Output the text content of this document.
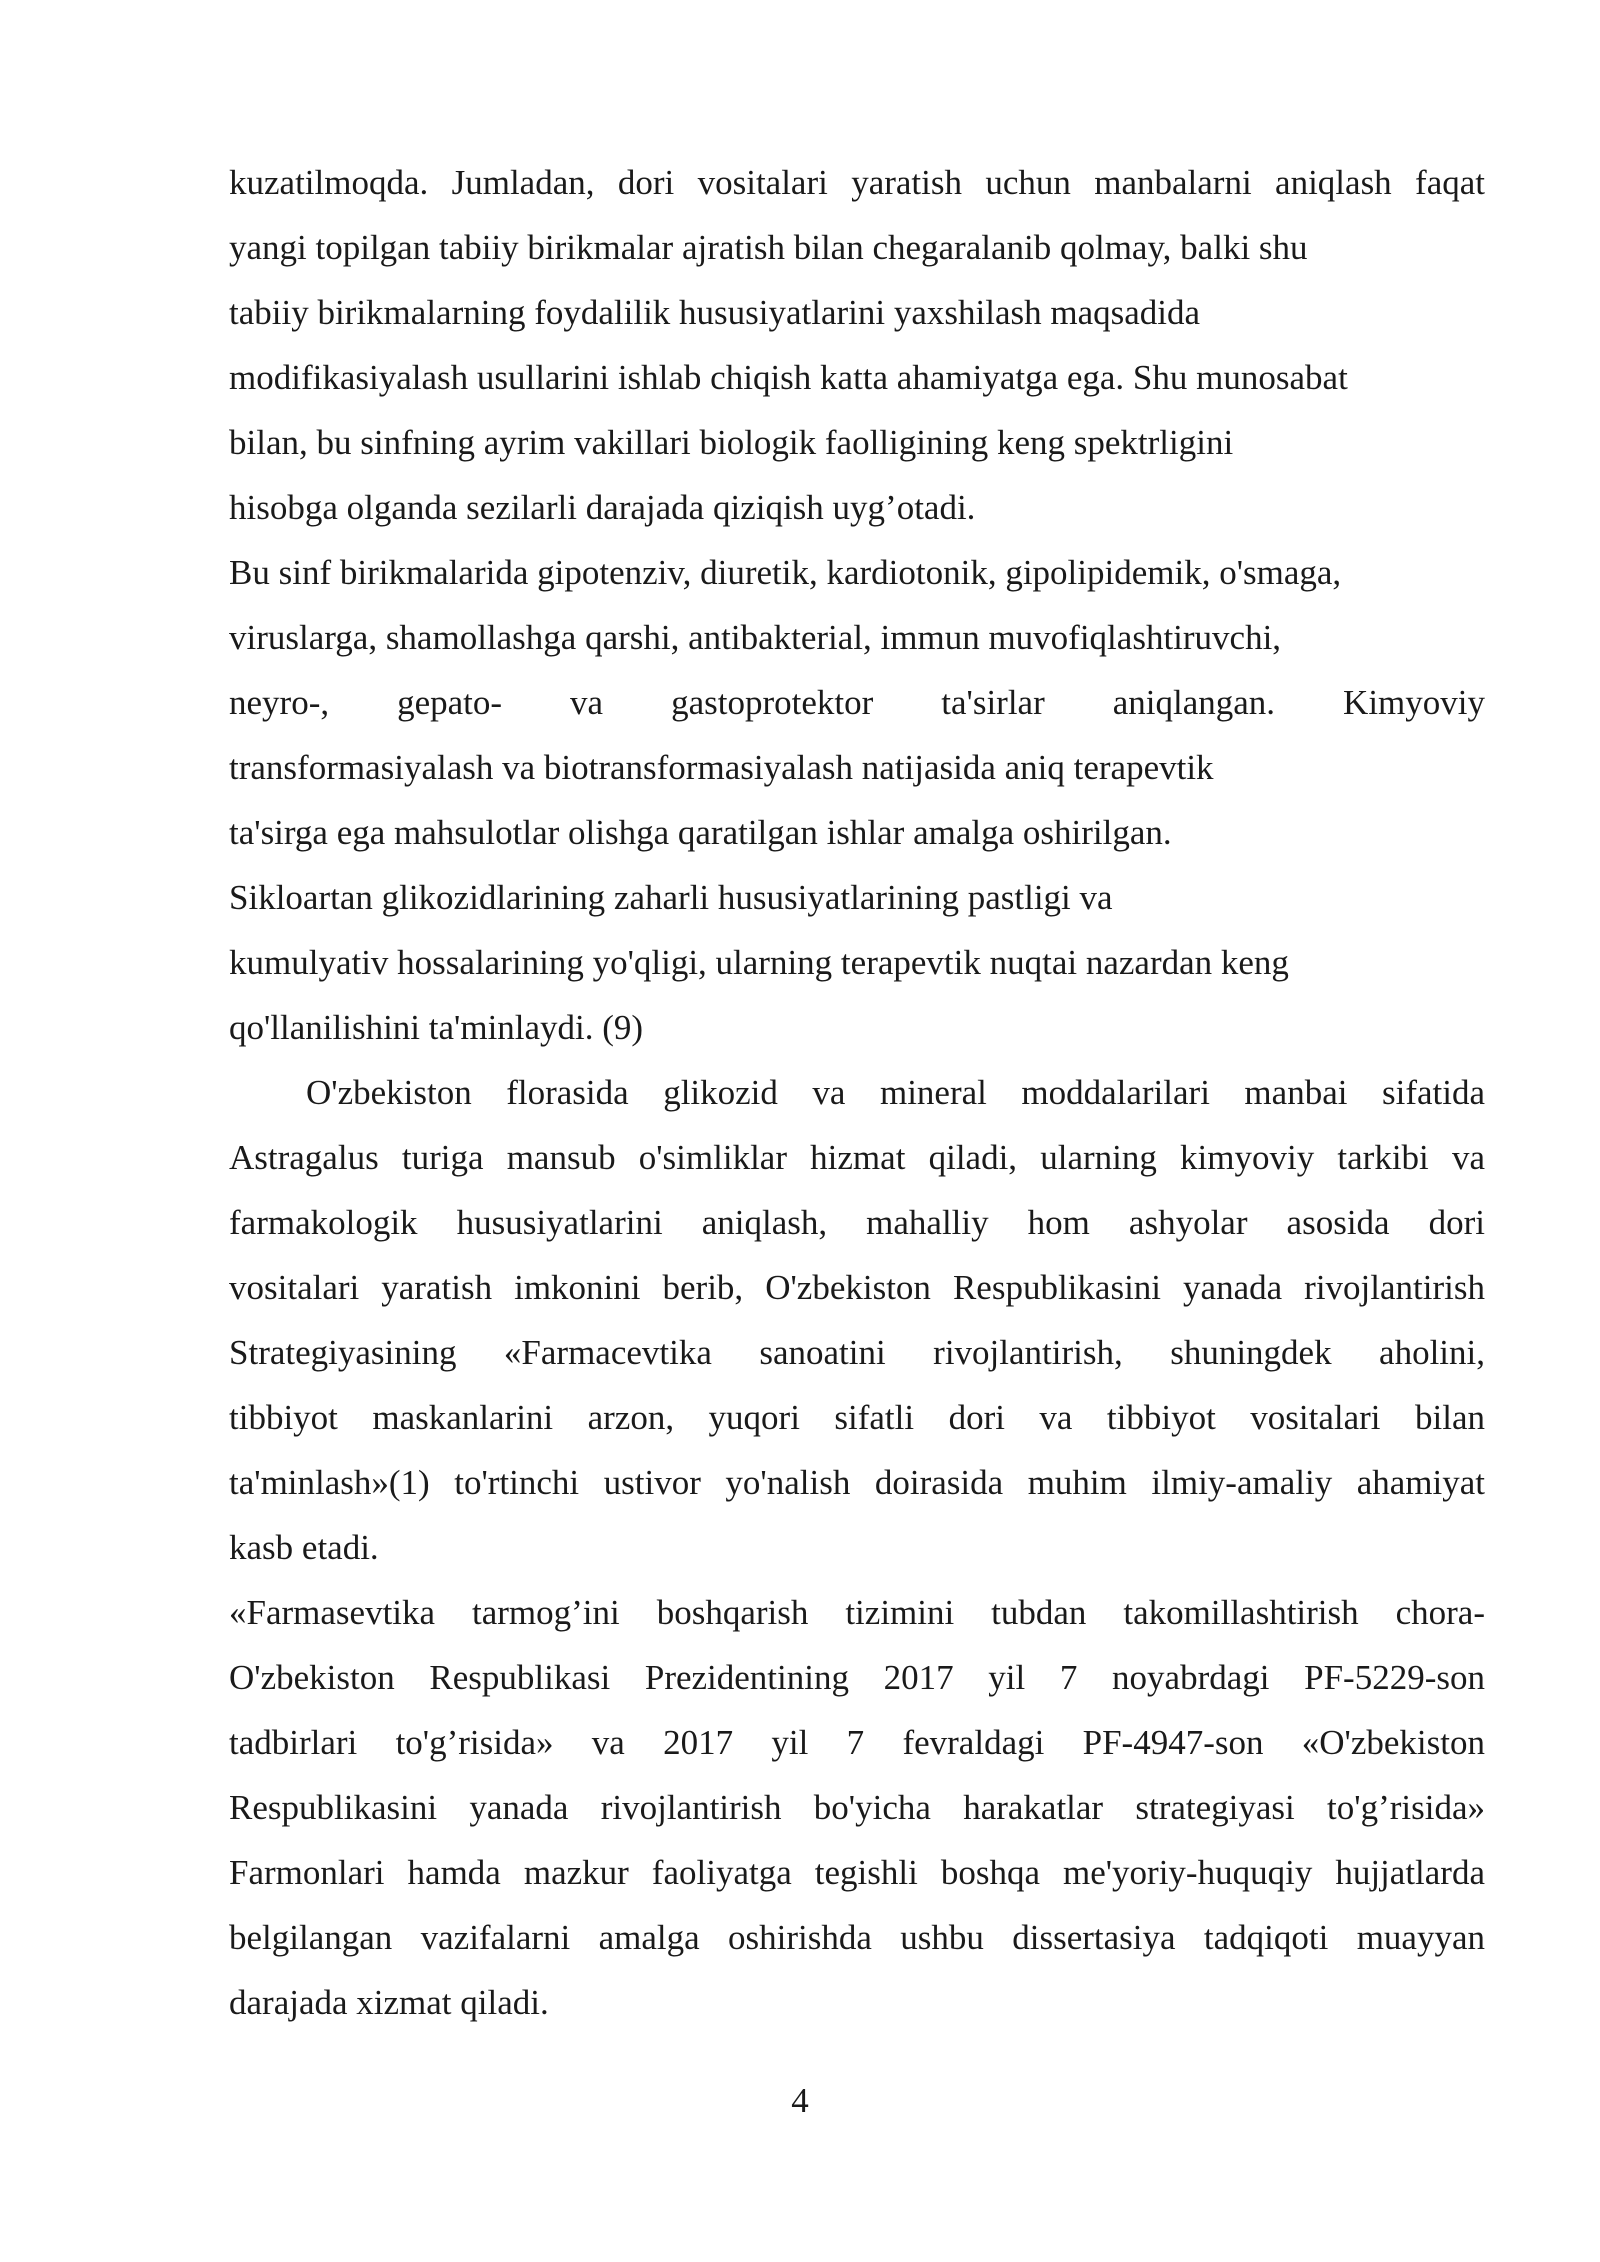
kuzatilmoqda. Jumladan, dori vositalari yaratish uchun manbalarni aniqlash faqat
yangi topilgan tabiiy birikmalar ajratish bilan chegaralanib qolmay, balki shu
tabiiy birikmalarning foydalilik hususiyatlarini yaxshilash maqsadida
modifikasiyalash usullarini ishlab chiqish katta ahamiyatga ega. Shu munosabat
bilan, bu sinfning ayrim vakillari biologik faolligining keng spektrligini
hisobga olganda sezilarli darajada qiziqish uyg’otadi.
Bu sinf birikmalarida gipotenziv, diuretik, kardiotonik, gipolipidemik, o'smaga,
viruslarga, shamollashga qarshi, antibakterial, immun muvofiqlashtiruvchi,
neyro-, gepato- va gastoprotektor ta'sirlar aniqlangan. Kimyoviy
transformasiyalash va biotransformasiyalash natijasida aniq terapevtik
ta'sirga ega mahsulotlar olishga qaratilgan ishlar amalga oshirilgan.
Sikloartan glikozidlarining zaharli hususiyatlarining pastligi va
kumulyativ hossalarining yo'qligi, ularning terapevtik nuqtai nazardan keng
qo'llanilishini ta'minlaydi. (9)
O'zbekiston florasida glikozid va mineral moddalarilari manbai sifatida
Astragalus turiga mansub o'simliklar hizmat qiladi, ularning kimyoviy tarkibi va
farmakologik hususiyatlarini aniqlash, mahalliy hom ashyolar asosida dori
vositalari yaratish imkonini berib, O'zbekiston Respublikasini yanada rivojlantirish
Strategiyasining «Farmacevtika sanoatini rivojlantirish, shuningdek aholini,
tibbiyot maskanlarini arzon, yuqori sifatli dori va tibbiyot vositalari bilan
ta'minlash»(1) to'rtinchi ustivor yo'nalish doirasida muhim ilmiy-amaliy ahamiyat
kasb etadi.
«Farmasevtika tarmog’ini boshqarish tizimini tubdan takomillashtirish chora-
O'zbekiston Respublikasi Prezidentining 2017 yil 7 noyabrdagi PF-5229-son
tadbirlari to'g’risida» va 2017 yil 7 fevraldagi PF-4947-son «O'zbekiston
Respublikasini yanada rivojlantirish bo'yicha harakatlar strategiyasi to'g’risida»
Farmonlari hamda mazkur faoliyatga tegishli boshqa me'yoriy-huquqiy hujjatlarda
belgilangan vazifalarni amalga oshirishda ushbu dissertasiya tadqiqoti muayyan
darajada xizmat qiladi.
4
